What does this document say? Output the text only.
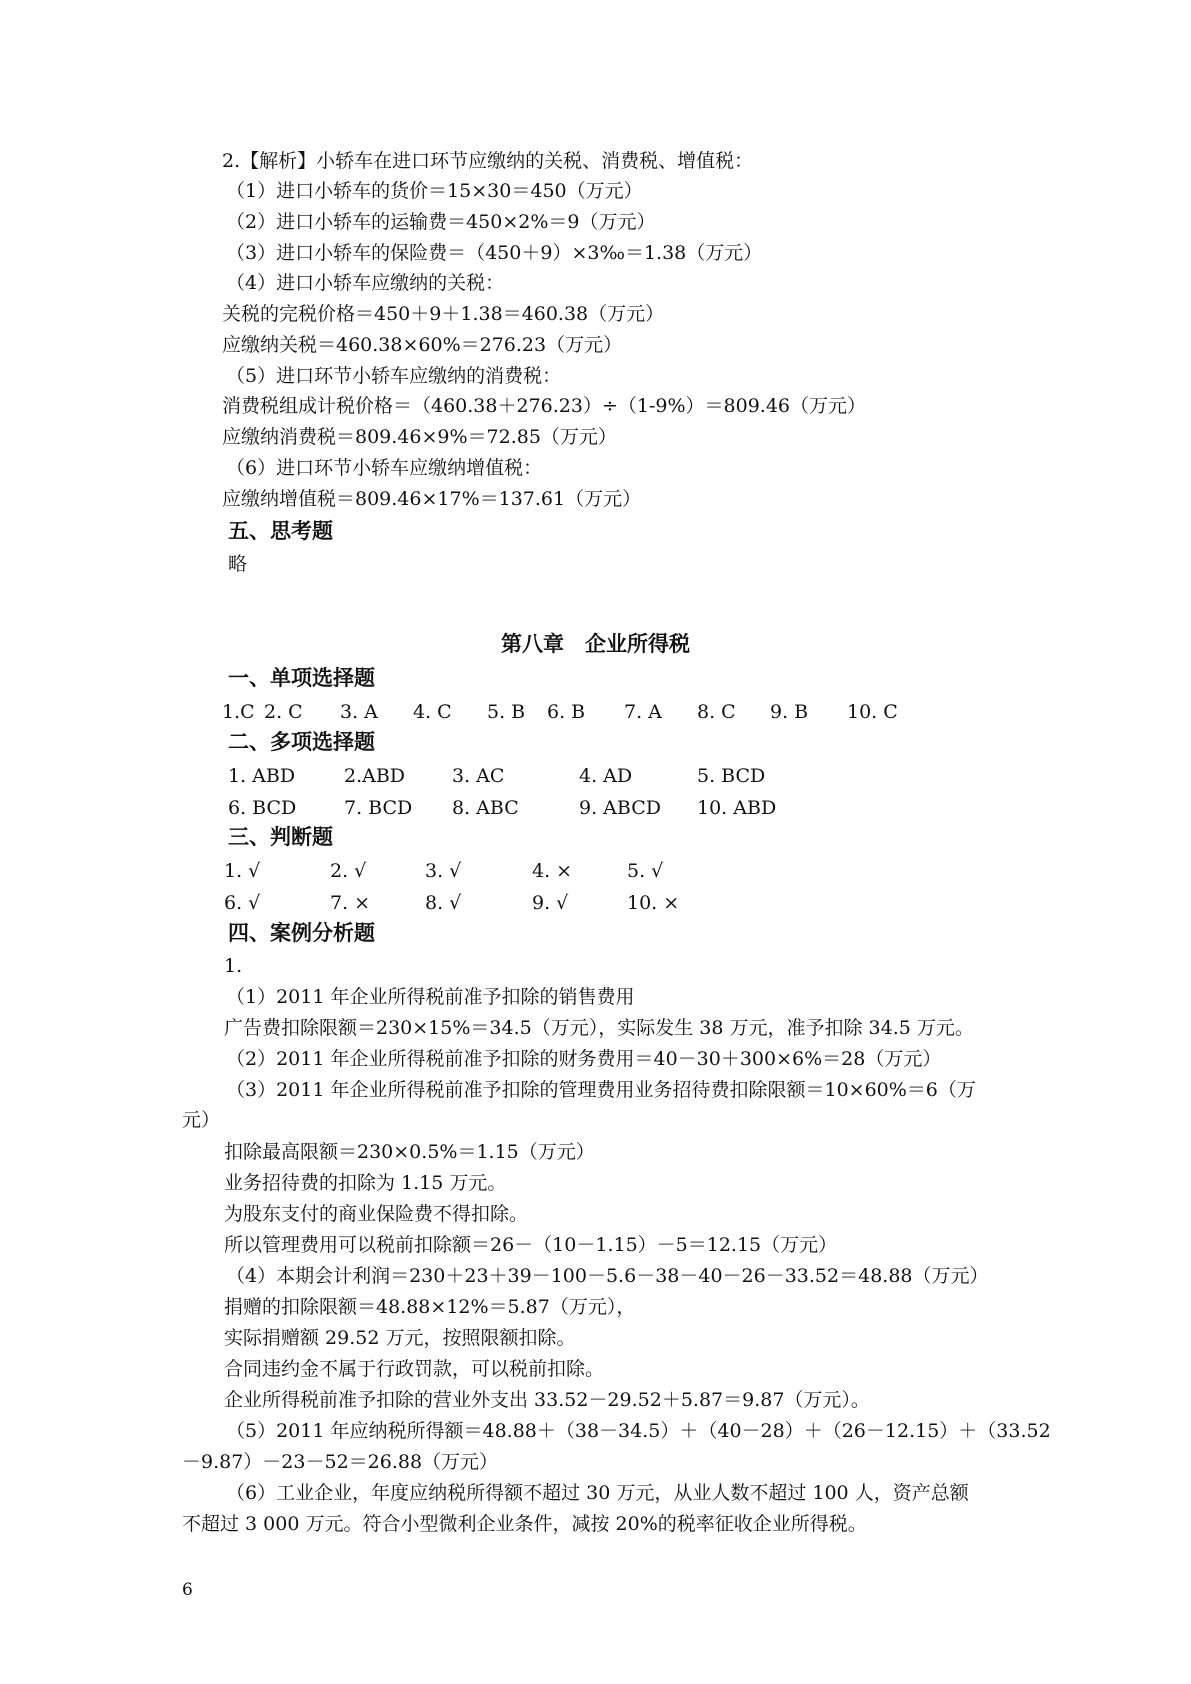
2.【解析】小轿车在进口环节应缴纳的关税、消费税、增值税：
（1）进口小轿车的货价＝15×30＝450（万元）
（2）进口小轿车的运输费＝450×2%＝9（万元）
（3）进口小轿车的保险费＝（450＋9）×3‰＝1.38（万元）
（4）进口小轿车应缴纳的关税：
关税的完税价格＝450＋9＋1.38＝460.38（万元）
应缴纳关税＝460.38×60%＝276.23（万元）
（5）进口环节小轿车应缴纳的消费税：
消费税组成计税价格＝（460.38＋276.23）÷（1-9%）＝809.46（万元）
应缴纳消费税＝809.46×9%＝72.85（万元）
（6）进口环节小轿车应缴纳增值税：
应缴纳增值税＝809.46×17%＝137.61（万元）
五、思考题
略
第八章　企业所得税
一、单项选择题
1.C 2. C 3. A 4. C 5. B 6. B 7. A 8. C 9. B 10. C
二、多项选择题
1. ABD	2.ABD 3. AC	4. AD	5. BCD
6. BCD	7. BCD 8. ABC	9. ABCD 10. ABD
三、判断题
1. √	2. √	3. √	4. ×	5. √
6. √	7. ×	8. √	9. √	10. ×
四、案例分析题
1.
（1）2011 年企业所得税前准予扣除的销售费用
广告费扣除限额＝230×15%＝34.5（万元），实际发生 38 万元，准予扣除 34.5 万元。
（2）2011 年企业所得税前准予扣除的财务费用＝40－30＋300×6%＝28（万元）
（3）2011 年企业所得税前准予扣除的管理费用业务招待费扣除限额＝10×60%＝6（万
元）
扣除最高限额＝230×0.5%＝1.15（万元）
业务招待费的扣除为 1.15 万元。
为股东支付的商业保险费不得扣除。
所以管理费用可以税前扣除额＝26－（10－1.15）－5＝12.15（万元）
（4）本期会计利润＝230＋23＋39－100－5.6－38－40－26－33.52＝48.88（万元）
捐赠的扣除限额＝48.88×12%＝5.87（万元），
实际捐赠额 29.52 万元，按照限额扣除。
合同违约金不属于行政罚款，可以税前扣除。
企业所得税前准予扣除的营业外支出 33.52－29.52＋5.87＝9.87（万元）。
（5）2011 年应纳税所得额＝48.88＋（38－34.5）＋（40－28）＋（26－12.15）＋（33.52
－9.87）－23－52＝26.88（万元）
（6）工业企业，年度应纳税所得额不超过 30 万元，从业人数不超过 100 人，资产总额
不超过 3 000 万元。符合小型微利企业条件，减按 20%的税率征收企业所得税。
6
